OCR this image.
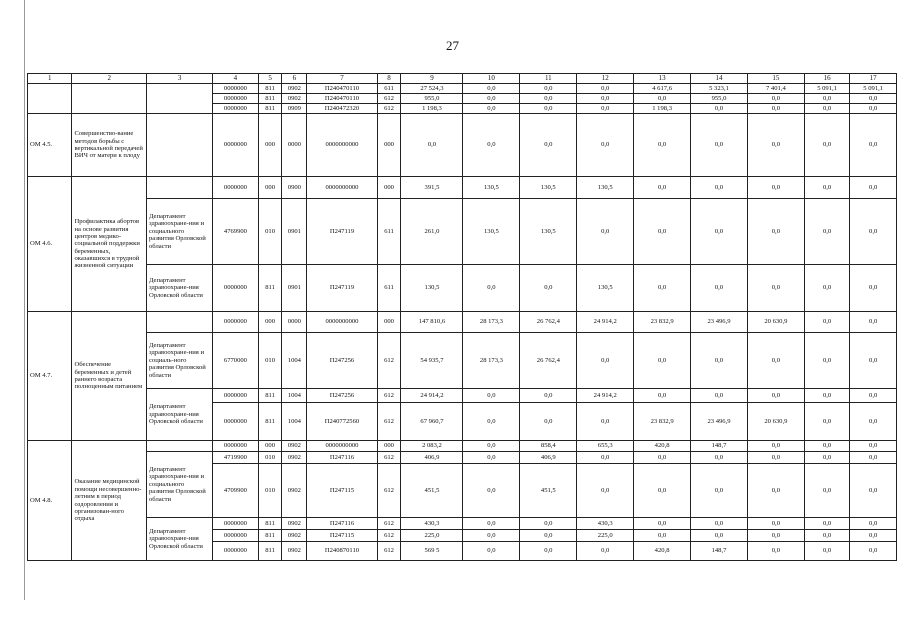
27
1	2	3	4	5	6	7	8	9	10	11	12	13	14	15	16	17
			0000000	811	0902	П240470110	611	27 524,3	0,0	0,0	0,0	4 617,6	5 323,1	7 401,4	5 091,1	5 091,1
			0000000	811	0902	П240470110	612	955,0	0,0	0,0	0,0	0,0	955,0	0,0	0,0	0,0
			0000000	811	0909	П240472320	612	1 198,3	0,0	0,0	0,0	1 198,3	0,0	0,0	0,0	0,0
ОМ 4.5.	Совершенство-вание методов борьбы с вертикальной передачей ВИЧ от матери к плоду		0000000	000	0000	0000000000	000	0,0	0,0	0,0	0,0	0,0	0,0	0,0	0,0	0,0
ОМ 4.6.	Профилактика абортов на основе развития центров медико-социальной поддержки беременных, оказавшихся в трудной жизненной ситуации		0000000	000	0900	0000000000	000	391,5	130,5	130,5	130,5	0,0	0,0	0,0	0,0	0,0
		Департамент здравоохране-ния и социального развития Орловской области	4769900	010	0901	П247119	611	261,0	130,5	130,5	0,0	0,0	0,0	0,0	0,0	0,0
		Департамент здравоохране-ния Орловской области	0000000	811	0901	П247119	611	130,5	0,0	0,0	130,5	0,0	0,0	0,0	0,0	0,0
ОМ 4.7.	Обеспечение беременных и детей раннего возраста полноценным питанием		0000000	000	0000	0000000000	000	147 810,6	28 173,3	26 762,4	24 914,2	23 832,9	23 496,9	20 630,9	0,0	0,0
		Департамент здравоохране-ния и социаль-ного развития Орловской области	6770000	010	1004	П247256	612	54 935,7	28 173,3	26 762,4	0,0	0,0	0,0	0,0	0,0	0,0
		Департамент здравоохране-ния Орловской области	0000000	811	1004	П247256	612	24 914,2	0,0	0,0	24 914,2	0,0	0,0	0,0	0,0	0,0
			0000000	811	1004	П240772560	612	67 960,7	0,0	0,0	0,0	23 832,9	23 496,9	20 630,9	0,0	0,0
ОМ 4.8.	Оказание медицинской помощи несовершенно-летним в период оздоровления и организован-ного отдыха		0000000	000	0902	0000000000	000	2 083,2	0,0	858,4	655,3	420,8	148,7	0,0	0,0	0,0
		Департамент здравоохране-ния и социального развития Орловской области	4719900	010	0902	П247116	612	406,9	0,0	406,9	0,0	0,0	0,0	0,0	0,0	0,0
			4709900	010	0902	П247115	612	451,5	0,0	451,5	0,0	0,0	0,0	0,0	0,0	0,0
		Департамент здравоохране-ния Орловской области	0000000	811	0902	П247116	612	430,3	0,0	0,0	430,3	0,0	0,0	0,0	0,0	0,0
			0000000	811	0902	П247115	612	225,0	0,0	0,0	225,0	0,0	0,0	0,0	0,0	0,0
			0000000	811	0902	П240870110	612	569 5	0,0	0,0	0,0	420,8	148,7	0,0	0,0	0,0
